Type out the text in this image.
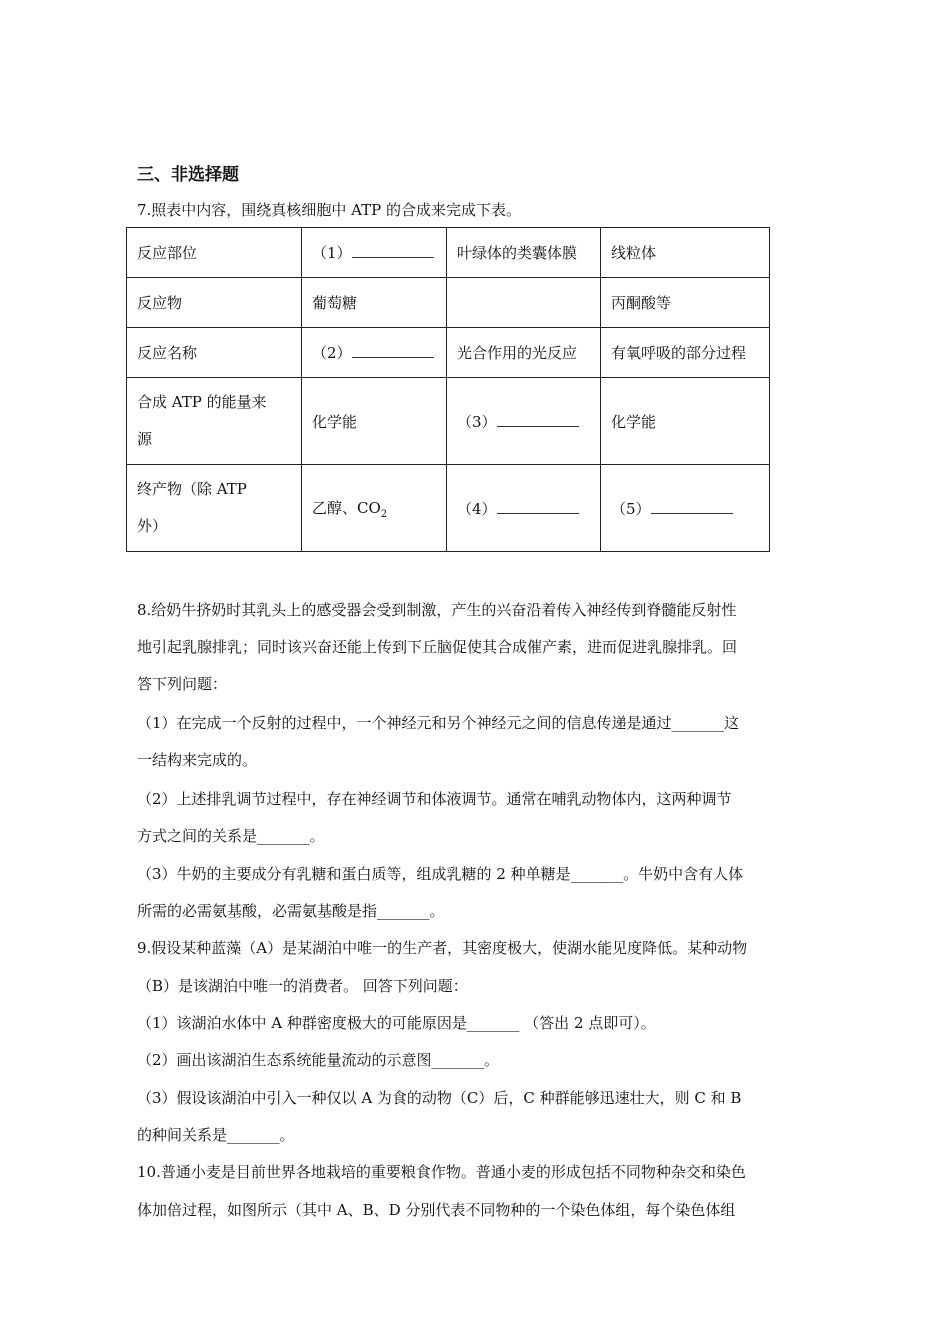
三、非选择题
7.照表中内容，围绕真核细胞中 ATP 的合成来完成下表。
反应部位	（1）	叶绿体的类囊体膜	线粒体
反应物	葡萄糖		丙酮酸等
反应名称	（2）	光合作用的光反应	有氧呼吸的部分过程

合成 ATP 的能量来
源	化学能	（3）	化学能

终产物（除 ATP
外）	乙醇、$CO_2$	（4）	（5）
8.给奶牛挤奶时其乳头上的感受器会受到制激，产生的兴奋沿着传入神经传到脊髓能反射性
地引起乳腺排乳；同时该兴奋还能上传到下丘脑促使其合成催产素，进而促进乳腺排乳。回
答下列问题：
（1）在完成一个反射的过程中，一个神经元和另个神经元之间的信息传递是通过_______这
一结构来完成的。
（2）上述排乳调节过程中，存在神经调节和体液调节。通常在哺乳动物体内，这两种调节
方式之间的关系是_______。
（3）牛奶的主要成分有乳糖和蛋白质等，组成乳糖的 2 种单糖是_______。牛奶中含有人体
所需的必需氨基酸，必需氨基酸是指_______。
9.假设某种蓝藻（A）是某湖泊中唯一的生产者，其密度极大，使湖水能见度降低。某种动物
（B）是该湖泊中唯一的消费者。 回答下列问题：
（1）该湖泊水体中 A 种群密度极大的可能原因是_______ （答出 2 点即可）。
（2）画出该湖泊生态系统能量流动的示意图_______。
（3）假设该湖泊中引入一种仅以 A 为食的动物（C）后，C 种群能够迅速壮大，则 C 和 B
的种间关系是_______。
10.普通小麦是目前世界各地栽培的重要粮食作物。普通小麦的形成包括不同物种杂交和染色
体加倍过程，如图所示（其中 A、B、D 分别代表不同物种的一个染色体组，每个染色体组
